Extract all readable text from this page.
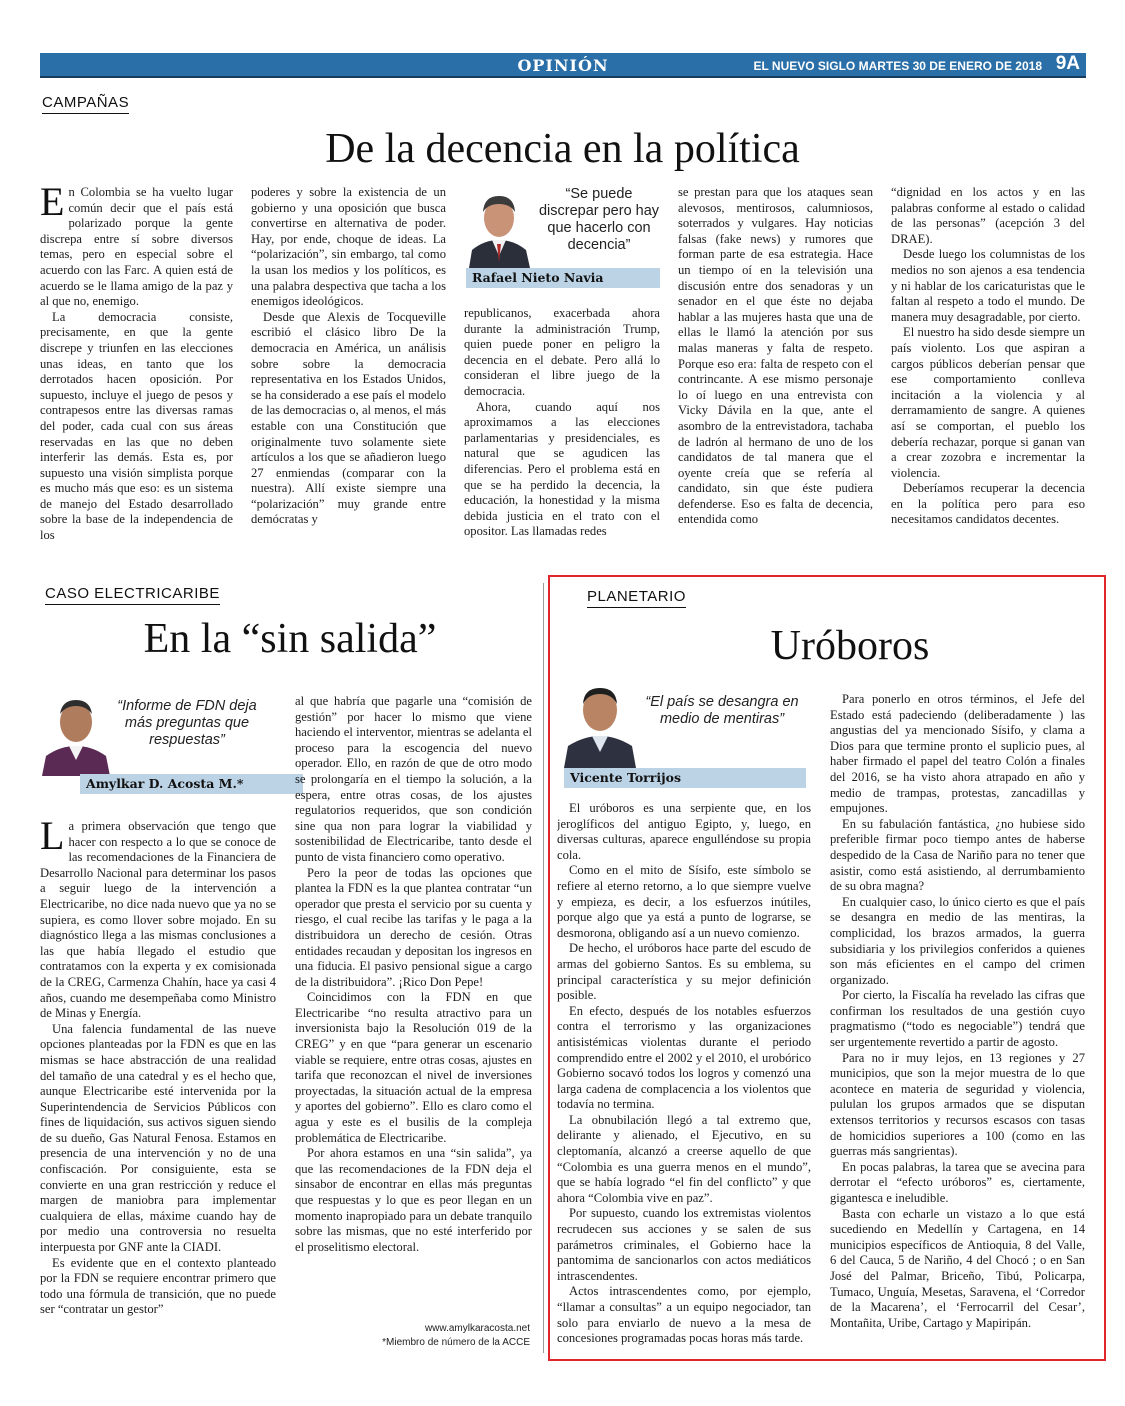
OPINIÓN	EL NUEVO SIGLO MARTES 30 DE ENERO DE 2018 9A
CAMPAÑAS
De la decencia en la política

En Colombia se ha vuelto lugar común decir que el país está polarizado porque la gente discrepa entre sí sobre diversos temas, pero en especial sobre el acuerdo con las Farc. A quien está de acuerdo se le llama amigo de la paz y al que no, enemigo.

La democracia consiste, precisamente, en que la gente discrepe y triunfen en las elecciones unas ideas, en tanto que los derrotados hacen oposición. Por supuesto, incluye el juego de pesos y contrapesos entre las diversas ramas del poder, cada cual con sus áreas reservadas en las que no deben interferir las demás. Esta es, por supuesto una visión simplista porque es mucho más que eso: es un sistema de manejo del Estado desarrollado sobre la base de la independencia de los

poderes y sobre la existencia de un gobierno y una oposición que busca convertirse en alternativa de poder. Hay, por ende, choque de ideas. La “polarización”, sin embargo, tal como la usan los medios y los políticos, es una palabra despectiva que tacha a los enemigos ideológicos.

Desde que Alexis de Tocqueville escribió el clásico libro De la democracia en América, un análisis sobre sobre la democracia representativa en los Estados Unidos, se ha considerado a ese país el modelo de las democracias o, al menos, el más estable con una Constitución que originalmente tuvo solamente siete artículos a los que se añadieron luego 27 enmiendas (comparar con la nuestra). Allí existe siempre una “polarización” muy grande entre demócratas y

“Se puede discrepar pero hay que hacerlo con decencia”
Rafael Nieto Navia

republicanos, exacerbada ahora durante la administración Trump, quien puede poner en peligro la decencia en el debate. Pero allá lo consideran el libre juego de la democracia.

Ahora, cuando aquí nos aproximamos a las elecciones parlamentarias y presidenciales, es natural que se agudicen las diferencias. Pero el problema está en que se ha perdido la decencia, la educación, la honestidad y la misma debida justicia en el trato con el opositor. Las llamadas redes

se prestan para que los ataques sean alevosos, mentirosos, calumniosos, soterrados y vulgares. Hay noticias falsas (fake news) y rumores que forman parte de esa estrategia. Hace un tiempo oí en la televisión una discusión entre dos senadoras y un senador en el que éste no dejaba hablar a las mujeres hasta que una de ellas le llamó la atención por sus malas maneras y falta de respeto. Porque eso era: falta de respeto con el contrincante. A ese mismo personaje lo oí luego en una entrevista con Vicky Dávila en la que, ante el asombro de la entrevistadora, tachaba de ladrón al hermano de uno de los candidatos de tal manera que el oyente creía que se refería al candidato, sin que éste pudiera defenderse. Eso es falta de decencia, entendida como

“dignidad en los actos y en las palabras conforme al estado o calidad de las personas” (acepción 3 del DRAE).

Desde luego los columnistas de los medios no son ajenos a esa tendencia y ni hablar de los caricaturistas que le faltan al respeto a todo el mundo. De manera muy desagradable, por cierto.

El nuestro ha sido desde siempre un país violento. Los que aspiran a cargos públicos deberían pensar que ese comportamiento conlleva incitación a la violencia y al derramamiento de sangre. A quienes así se comportan, el pueblo los debería rechazar, porque si ganan van a crear zozobra e incrementar la violencia.

Deberíamos recuperar la decencia en la política pero para eso necesitamos candidatos decentes.

CASO ELECTRICARIBE
En la “sin salida”
“Informe de FDN deja más preguntas que respuestas”
Amylkar D. Acosta M.*

La primera observación que tengo que hacer con respecto a lo que se conoce de las recomendaciones de la Financiera de Desarrollo Nacional para determinar los pasos a seguir luego de la intervención a Electricaribe, no dice nada nuevo que ya no se supiera, es como llover sobre mojado. En su diagnóstico llega a las mismas conclusiones a las que había llegado el estudio que contratamos con la experta y ex comisionada de la CREG, Carmenza Chahín, hace ya casi 4 años, cuando me desempeñaba como Ministro de Minas y Energía.

Una falencia fundamental de las nueve opciones planteadas por la FDN es que en las mismas se hace abstracción de una realidad del tamaño de una catedral y es el hecho que, aunque Electricaribe esté intervenida por la Superintendencia de Servicios Públicos con fines de liquidación, sus activos siguen siendo de su dueño, Gas Natural Fenosa. Estamos en presencia de una intervención y no de una confiscación. Por consiguiente, esta se convierte en una gran restricción y reduce el margen de maniobra para implementar cualquiera de ellas, máxime cuando hay de por medio una controversia no resuelta interpuesta por GNF ante la CIADI.

Es evidente que en el contexto planteado por la FDN se requiere encontrar primero que todo una fórmula de transición, que no puede ser “contratar un gestor”

al que habría que pagarle una “comisión de gestión” por hacer lo mismo que viene haciendo el interventor, mientras se adelanta el proceso para la escogencia del nuevo operador. Ello, en razón de que de otro modo se prolongaría en el tiempo la solución, a la espera, entre otras cosas, de los ajustes regulatorios requeridos, que son condición sine qua non para lograr la viabilidad y sostenibilidad de Electricaribe, tanto desde el punto de vista financiero como operativo.

Pero la peor de todas las opciones que plantea la FDN es la que plantea contratar “un operador que presta el servicio por su cuenta y riesgo, el cual recibe las tarifas y le paga a la distribuidora un derecho de cesión. Otras entidades recaudan y depositan los ingresos en una fiducia. El pasivo pensional sigue a cargo de la distribuidora”. ¡Rico Don Pepe!

Coincidimos con la FDN en que Electricaribe “no resulta atractivo para un inversionista bajo la Resolución 019 de la CREG” y en que “para generar un escenario viable se requiere, entre otras cosas, ajustes en tarifa que reconozcan el nivel de inversiones proyectadas, la situación actual de la empresa y aportes del gobierno”. Ello es claro como el agua y este es el busilis de la compleja problemática de Electricaribe.

Por ahora estamos en una “sin salida”, ya que las recomendaciones de la FDN deja el sinsabor de encontrar en ellas más preguntas que respuestas y lo que es peor llegan en un momento inapropiado para un debate tranquilo sobre las mismas, que no esté interferido por el proselitismo electoral.

www.amylkaracosta.net
*Miembro de número de la ACCE
PLANETARIO
Uróboros
“El país se desangra en medio de mentiras”
Vicente Torrijos

El uróboros es una serpiente que, en los jeroglíficos del antiguo Egipto, y, luego, en diversas culturas, aparece engulléndose su propia cola.

Como en el mito de Sísifo, este símbolo se refiere al eterno retorno, a lo que siempre vuelve y empieza, es decir, a los esfuerzos inútiles, porque algo que ya está a punto de lograrse, se desmorona, obligando así a un nuevo comienzo.

De hecho, el uróboros hace parte del escudo de armas del gobierno Santos. Es su emblema, su principal característica y su mejor definición posible.

En efecto, después de los notables esfuerzos contra el terrorismo y las organizaciones antisistémicas violentas durante el periodo comprendido entre el 2002 y el 2010, el urobórico Gobierno socavó todos los logros y comenzó una larga cadena de complacencia a los violentos que todavía no termina.

La obnubilación llegó a tal extremo que, delirante y alienado, el Ejecutivo, en su cleptomanía, alcanzó a creerse aquello de que “Colombia es una guerra menos en el mundo”, que se había logrado “el fin del conflicto” y que ahora “Colombia vive en paz”.

Por supuesto, cuando los extremistas violentos recrudecen sus acciones y se salen de sus parámetros criminales, el Gobierno hace la pantomima de sancionarlos con actos mediáticos intrascendentes.

Actos intrascendentes como, por ejemplo, “llamar a consultas” a un equipo negociador, tan solo para enviarlo de nuevo a la mesa de concesiones programadas pocas horas más tarde.

Para ponerlo en otros términos, el Jefe del Estado está padeciendo (deliberadamente ) las angustias del ya mencionado Sísifo, y clama a Dios para que termine pronto el suplicio pues, al haber firmado el papel del teatro Colón a finales del 2016, se ha visto ahora atrapado en año y medio de trampas, protestas, zancadillas y empujones.

En su fabulación fantástica, ¿no hubiese sido preferible firmar poco tiempo antes de haberse despedido de la Casa de Nariño para no tener que asistir, como está asistiendo, al derrumbamiento de su obra magna?

En cualquier caso, lo único cierto es que el país se desangra en medio de las mentiras, la complicidad, los brazos armados, la guerra subsidiaria y los privilegios conferidos a quienes son más eficientes en el campo del crimen organizado.

Por cierto, la Fiscalía ha revelado las cifras que confirman los resultados de una gestión cuyo pragmatismo (“todo es negociable”) tendrá que ser urgentemente revertido a partir de agosto.

Para no ir muy lejos, en 13 regiones y 27 municipios, que son la mejor muestra de lo que acontece en materia de seguridad y violencia, pululan los grupos armados que se disputan extensos territorios y recursos escasos con tasas de homicidios superiores a 100 (como en las guerras más sangrientas).

En pocas palabras, la tarea que se avecina para derrotar el “efecto uróboros” es, ciertamente, gigantesca e ineludible.

Basta con echarle un vistazo a lo que está sucediendo en Medellín y Cartagena, en 14 municipios específicos de Antioquia, 8 del Valle, 6 del Cauca, 5 de Nariño, 4 del Chocó ; o en San José del Palmar, Briceño, Tibú, Policarpa, Tumaco, Unguía, Mesetas, Saravena, el ‘Corredor de la Macarena’, el ‘Ferrocarril del Cesar’, Montañita, Uribe, Cartago y Mapiripán.
